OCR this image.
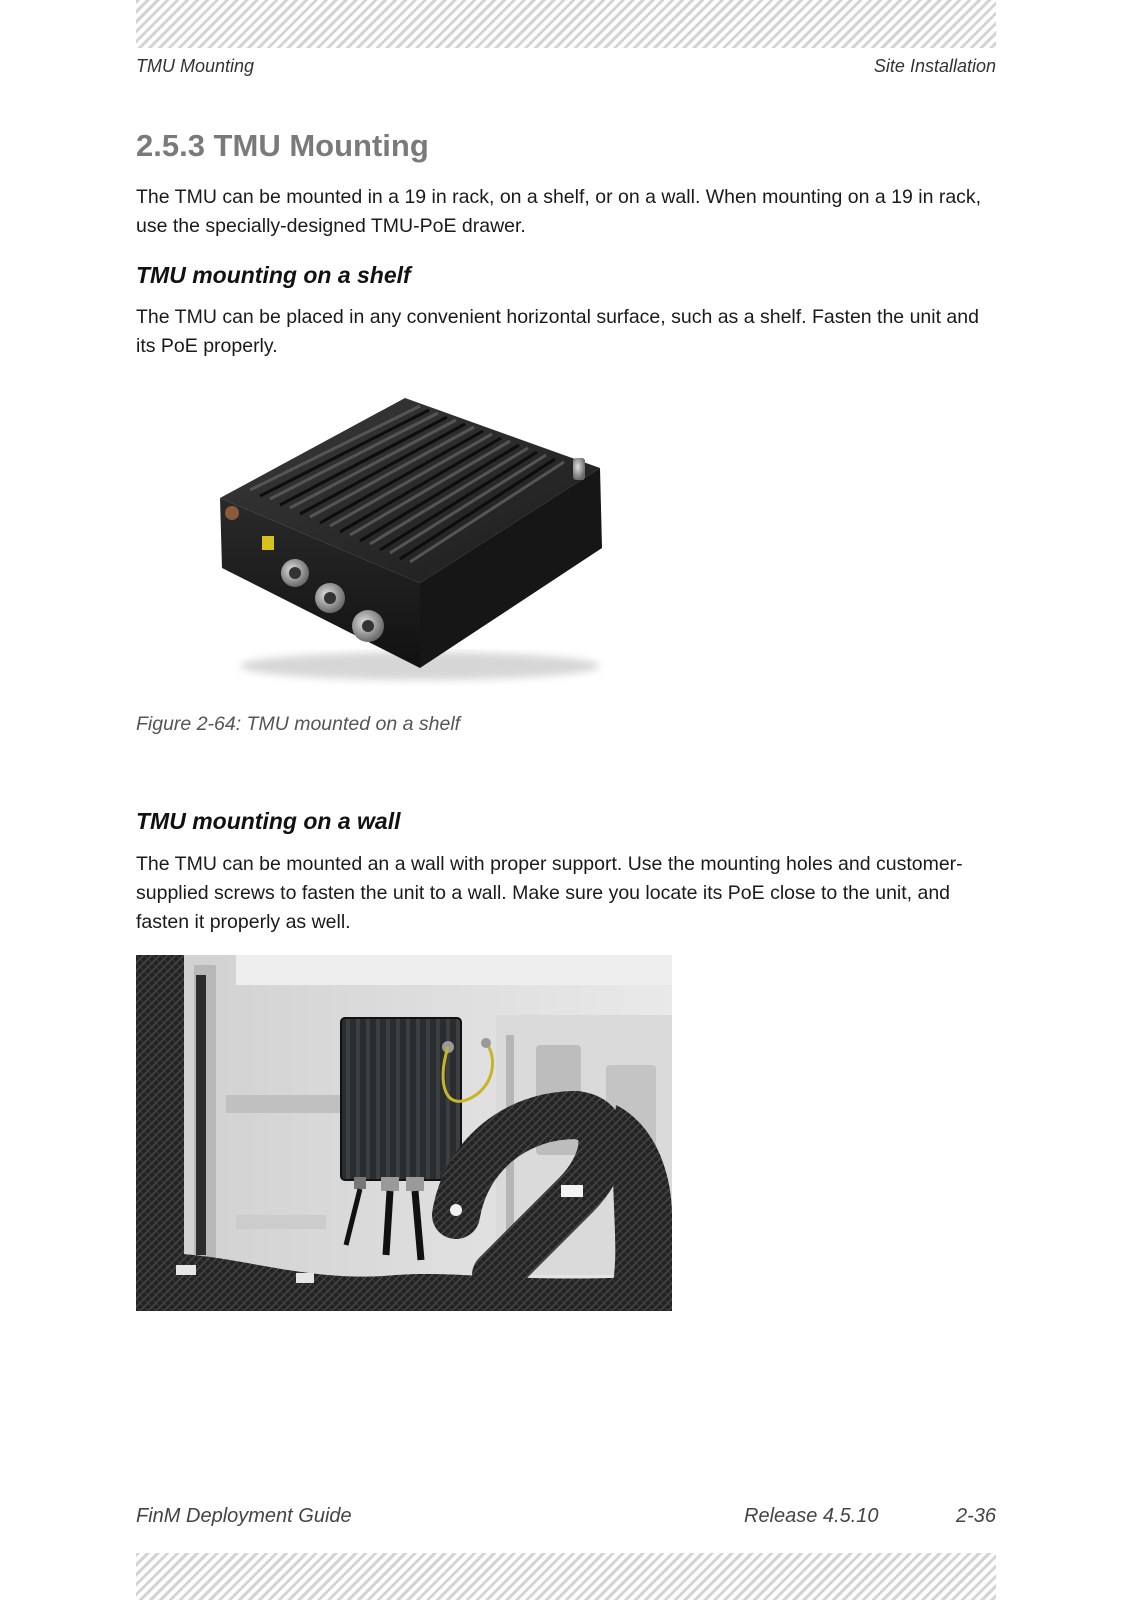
TMU Mounting	Site Installation
2.5.3 TMU Mounting

The TMU can be mounted in a 19 in rack, on a shelf, or on a wall. When mounting on a 19 in rack, use the specially-designed TMU-PoE drawer.

TMU mounting on a shelf

The TMU can be placed in any convenient horizontal surface, such as a shelf. Fasten the unit and its PoE properly.

Figure 2-64: TMU mounted on a shelf

TMU mounting on a wall

The TMU can be mounted an a wall with proper support. Use the mounting holes and customer-supplied screws to fasten the unit to a wall. Make sure you locate its PoE close to the unit, and fasten it properly as well.

FinM Deployment Guide	Release 4.5.10	2-36
